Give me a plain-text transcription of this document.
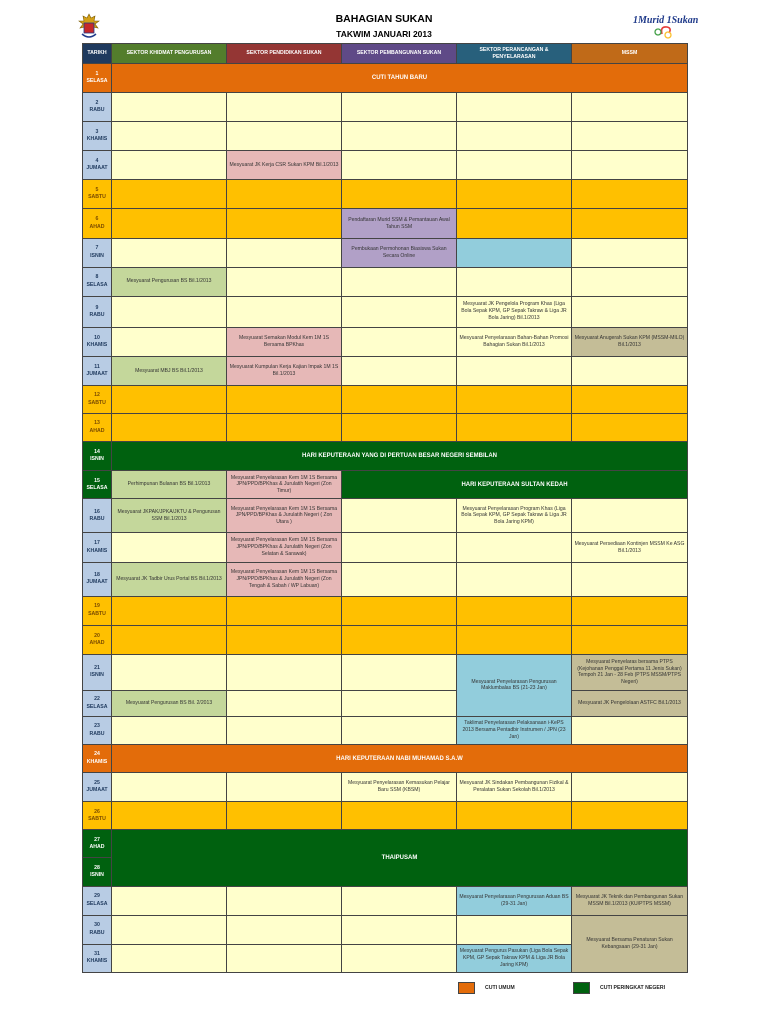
BAHAGIAN SUKAN
TAKWIM JANUARI 2013
1Murid 1Sukan
TARIKH	SEKTOR KHIDMAT PENGURUSAN	SEKTOR PENDIDIKAN SUKAN	SEKTOR PEMBANGUNAN SUKAN	SEKTOR PERANCANGAN & PENYELARASAN	MSSM

1
SELASA	CUTI TAHUN BARU				

2
RABU					

3
KHAMIS					

4
JUMAAT		Mesyuarat JK Kerja CSR Sukan KPM Bil.1/2013			

5
SABTU					

6
AHAD			Pendaftaran Murid SSM & Pemantauan Awal Tahun SSM		

7
ISNIN			Pembukaan Permohonan Biasiswa Sukan Secara Online		

8
SELASA	Mesyuarat Pengurusan BS Bil.1/2013				

9
RABU				Mesyuarat JK Pengelola Program Khas (Liga Bola Sepak KPM, GP Sepak Takraw & Liga JR Bola Jaring) Bil.1/2013	

10
KHAMIS		Mesyuarat Semakan Modul Kem 1M 1S Bersama BPKhas		Mesyuarat Penyelarasan Bahan-Bahan Promosi Bahagian Sukan Bil.1/2013	Mesyuarat Anugerah Sukan KPM (MSSM-MILO) Bil.1/2013

11
JUMAAT	Mesyuarat MBJ BS Bil.1/2013	Mesyuarat Kumpulan Kerja Kajian Impak 1M 1S Bil.1/2013			

12
SABTU					

13
AHAD					

14
ISNIN	HARI KEPUTERAAN YANG DI PERTUAN BESAR NEGERI SEMBILAN				

15
SELASA	Perhimpunan Bulanan BS Bil.1/2013	Mesyuarat Penyelarasan Kem 1M 1S Bersama JPN/PPD/BPKhas & Jurulatih Negeri (Zon Timur)	HARI KEPUTERAAN SULTAN KEDAH		

16
RABU	Mesyuarat JKPAK/JPKA/JKTU & Pengurusan SSM Bil.1/2013	Mesyuarat Penyelarasan Kem 1M 1S Bersama JPN/PPD/BPKhas & Jurulatih Negeri ( Zon Utara )		Mesyuarat Penyelarasan Program Khas (Liga Bola Sepak KPM, GP Sepak Takraw & Liga JR Bola Jaring KPM)	

17
KHAMIS		Mesyuarat Penyelarasan Kem 1M 1S Bersama JPN/PPD/BPKhas & Jurulatih Negeri (Zon Selatan & Sarawak)			Mesyuarat Persediaan Kontinjen MSSM Ke ASG Bil.1/2013

18
JUMAAT	Mesyuarat JK Tadbir Urus Portal BS Bil.1/2013	Mesyuarat Penyelarasan Kem 1M 1S Bersama JPN/PPD/BPKhas & Jurulatih Negeri (Zon Tengah & Sabah / WP Labuan)			

19
SABTU					

20
AHAD					

21
ISNIN				Mesyuarat Penyelarasan Pengurusan Maklumbalas BS (21-23 Jan)	Mesyuarat Penyelaras bersama PTPS (Kejohanan Penggal Pertama 11 Jenis Sukan) Tempoh 21 Jan - 28 Feb (PTPS MSSM/PTPS Negeri)

22
SELASA	Mesyuarat Pengurusan BS Bil. 2/2013				Mesyuarat JK Pengelolaan ASTFC Bil.1/2013

23
RABU				Taklimat Penyelarasan Pelaksanaan i-KePS 2013 Bersama Pentadbir Instrumen / JPN (23 Jan)	

24
KHAMIS	HARI KEPUTERAAN NABI MUHAMAD S.A.W				

25
JUMAAT			Mesyuarat Penyelarasan Kemasukan Pelajar Baru SSM (KBSM)	Mesyuarat JK Sindakan Pembangunan Fizikal & Peralatan Sukan Sekolah Bil.1/2013	

26
SABTU					

27
AHAD	THAIPUSAM				

28
ISNIN					

29
SELASA				Mesyuarat Penyelarasan Pengurusan Aduan BS (29-31 Jan)	Mesyuarat JK Teknik dan Pembangunan Sukan MSSM Bil.1/2013 (KU/PTPS MSSM)

30
RABU					Mesyuarat Bersama Penaturan Sukan Kebangsaan (29-31 Jan)

31
KHAMIS				Mesyuarat Pengurus Pasukan (Liga Bola Sepak KPM, GP Sepak Takraw KPM & Liga JR Bola Jaring KPM)	
CUTI UMUM	CUTI PERINGKAT NEGERI
